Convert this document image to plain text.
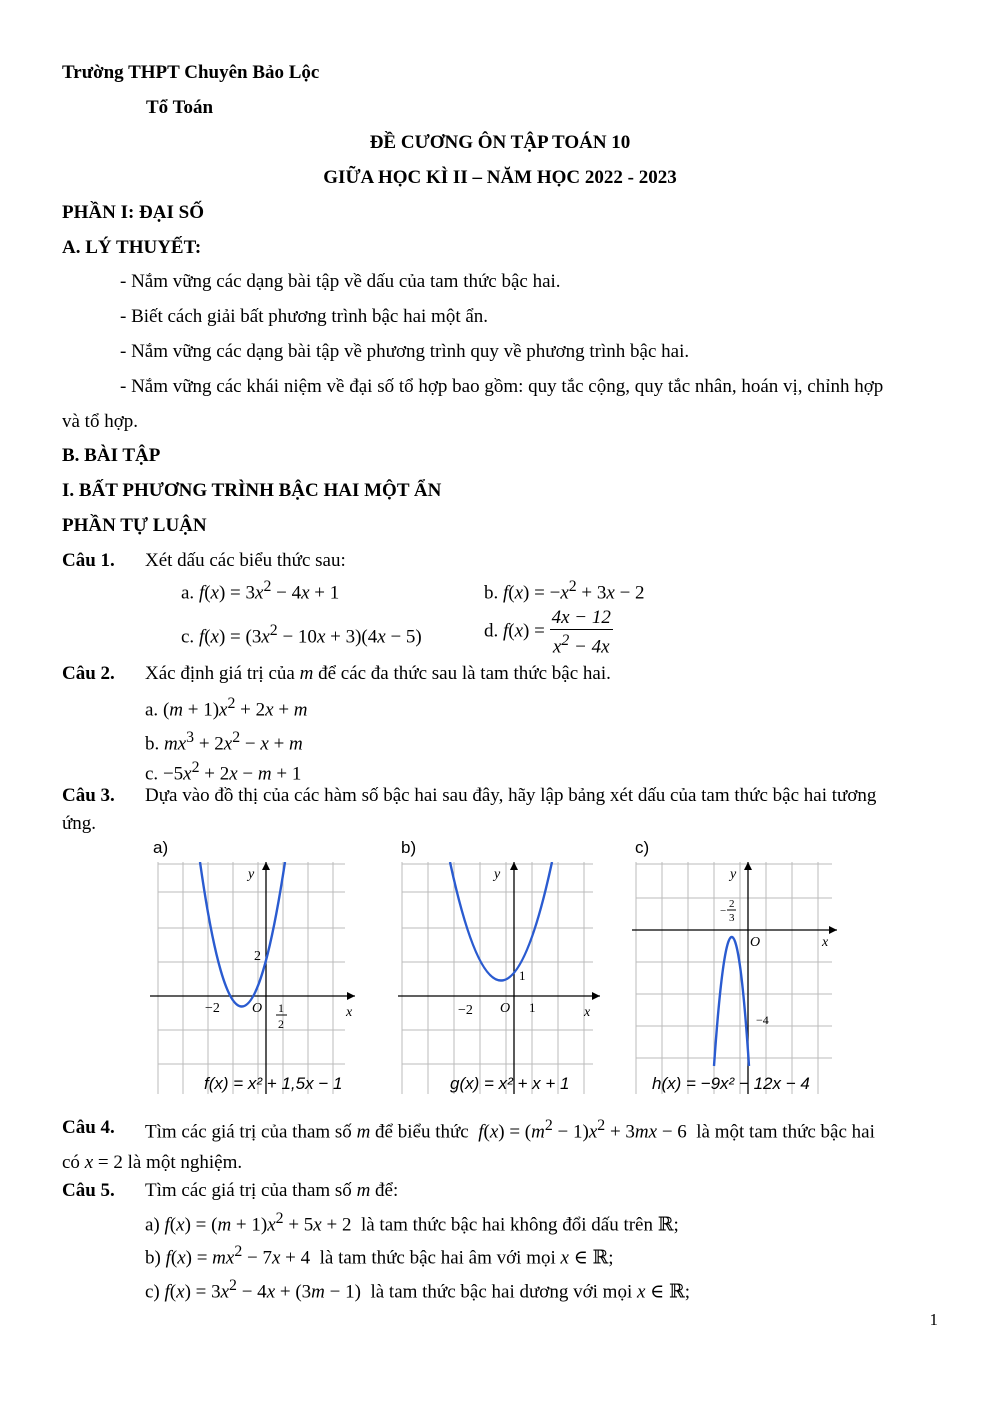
Trường THPT Chuyên Bảo Lộc
Tổ Toán
ĐỀ CƯƠNG ÔN TẬP TOÁN 10
GIỮA HỌC KÌ II – NĂM HỌC 2022 - 2023
PHẦN I: ĐẠI SỐ
A. LÝ THUYẾT:
- Nắm vững các dạng bài tập về dấu của tam thức bậc hai.
- Biết cách giải bất phương trình bậc hai một ẩn.
- Nắm vững các dạng bài tập về phương trình quy về phương trình bậc hai.
- Nắm vững các khái niệm về đại số tổ hợp bao gồm: quy tắc cộng, quy tắc nhân, hoán vị, chỉnh hợp
và tổ hợp.
B. BÀI TẬP
I. BẤT PHƯƠNG TRÌNH BẬC HAI MỘT ẨN
PHẦN TỰ LUẬN
Câu 1. Xét dấu các biểu thức sau:
a. $f(x) = 3x^2 - 4x + 1$	b. $f(x) = -x^2 + 3x - 2$
c. $f(x) = (3x^2 - 10x + 3)(4x - 5)$	d. $f(x) = \frac{4x - 12}{x^2 - 4x}$
Câu 2. Xác định giá trị của m để các đa thức sau là tam thức bậc hai.
a. $(m + 1)x^2 + 2x + m$
b. $mx^3 + 2x^2 - x + m$
c. $-5x^2 + 2x - m + 1$
Câu 3. Dựa vào đồ thị của các hàm số bậc hai sau đây, hãy lập bảng xét dấu của tam thức bậc hai tương
ứng.
a)
−2 O
2
1
2
x
y
f(x) = x² + 1,5x − 1
b)
−2 O
1
1	x
y
g(x) = x² + x + 1
c)
−
2
3
O	x
y
−4
h(x) = −9x² − 12x − 4
Câu 4. Tìm các giá trị của tham số m để biểu thức $f(x) = (m^2 - 1)x^2 + 3mx - 6$  là một tam thức bậc hai
có x = 2 là một nghiệm.
Câu 5. Tìm các giá trị của tham số m để:
a) $f(x) = (m + 1)x^2 + 5x + 2$  là tam thức bậc hai không đổi dấu trên ℝ;
b) $f(x) = mx^2 - 7x + 4$  là tam thức bậc hai âm với mọi x ∈ ℝ;
c) $f(x) = 3x^2 - 4x + (3m - 1)$  là tam thức bậc hai dương với mọi x ∈ ℝ;
1
